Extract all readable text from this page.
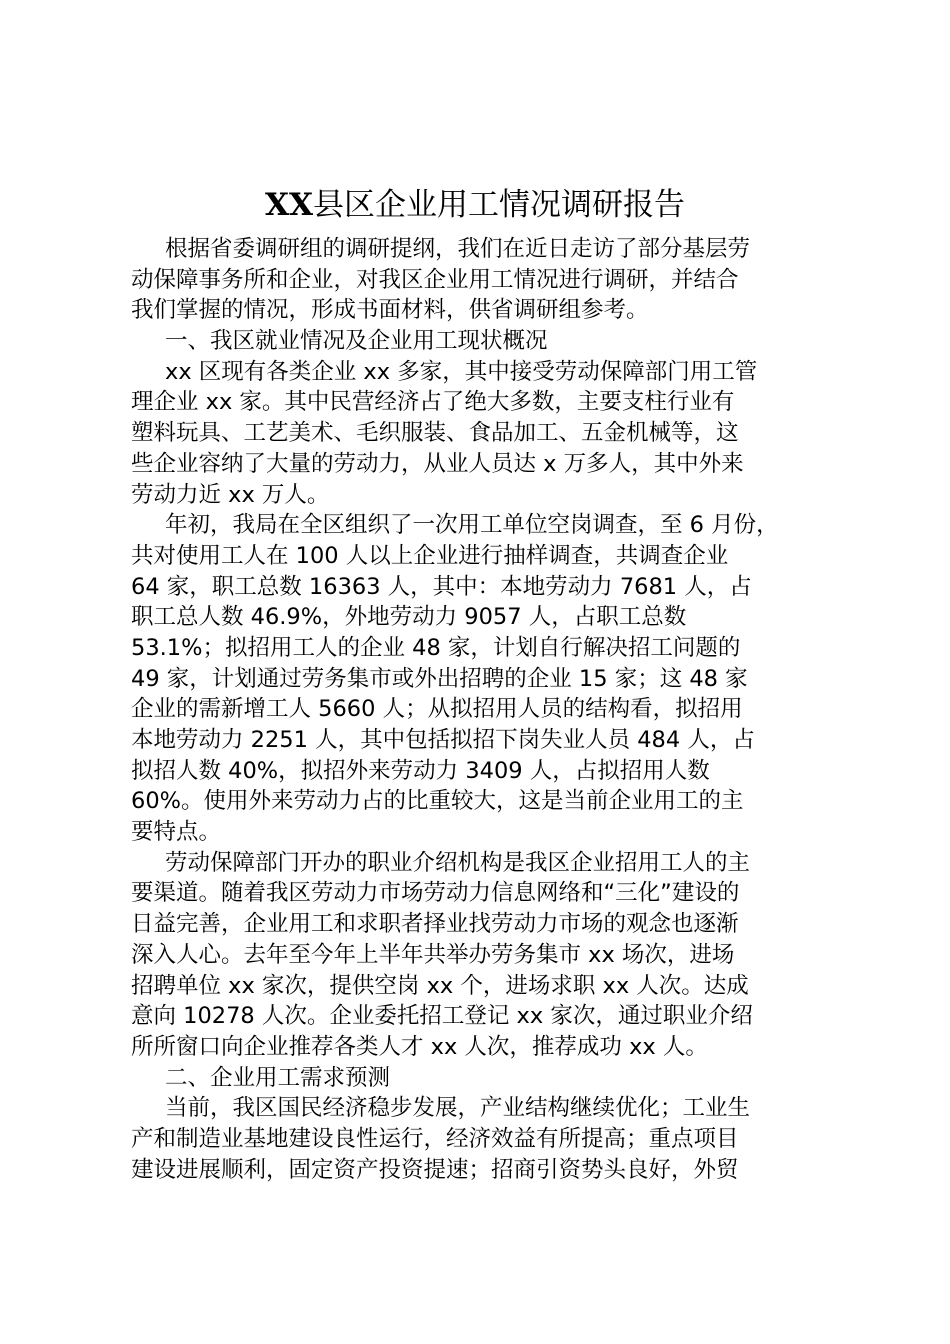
XX县区企业用工情况调研报告
根据省委调研组的调研提纲，我们在近日走访了部分基层劳
动保障事务所和企业，对我区企业用工情况进行调研，并结合
我们掌握的情况，形成书面材料，供省调研组参考。
一、我区就业情况及企业用工现状概况
xx 区现有各类企业 xx 多家，其中接受劳动保障部门用工管
理企业 xx 家。其中民营经济占了绝大多数，主要支柱行业有
塑料玩具、工艺美术、毛织服装、食品加工、五金机械等，这
些企业容纳了大量的劳动力，从业人员达 x 万多人，其中外来
劳动力近 xx 万人。
年初，我局在全区组织了一次用工单位空岗调查，至 6 月份，
共对使用工人在 100 人以上企业进行抽样调查，共调查企业
64 家，职工总数 16363 人，其中：本地劳动力 7681 人，占
职工总人数 46.9%，外地劳动力 9057 人，占职工总数
53.1%；拟招用工人的企业 48 家，计划自行解决招工问题的
49 家，计划通过劳务集市或外出招聘的企业 15 家；这 48 家
企业的需新增工人 5660 人；从拟招用人员的结构看，拟招用
本地劳动力 2251 人，其中包括拟招下岗失业人员 484 人，占
拟招人数 40%，拟招外来劳动力 3409 人，占拟招用人数
60%。使用外来劳动力占的比重较大，这是当前企业用工的主
要特点。
劳动保障部门开办的职业介绍机构是我区企业招用工人的主
要渠道。随着我区劳动力市场劳动力信息网络和“三化”建设的
日益完善，企业用工和求职者择业找劳动力市场的观念也逐渐
深入人心。去年至今年上半年共举办劳务集市 xx 场次，进场
招聘单位 xx 家次，提供空岗 xx 个，进场求职 xx 人次。达成
意向 10278 人次。企业委托招工登记 xx 家次，通过职业介绍
所所窗口向企业推荐各类人才 xx 人次，推荐成功 xx 人。
二、企业用工需求预测
当前，我区国民经济稳步发展，产业结构继续优化；工业生
产和制造业基地建设良性运行，经济效益有所提高；重点项目
建设进展顺利，固定资产投资提速；招商引资势头良好，外贸
